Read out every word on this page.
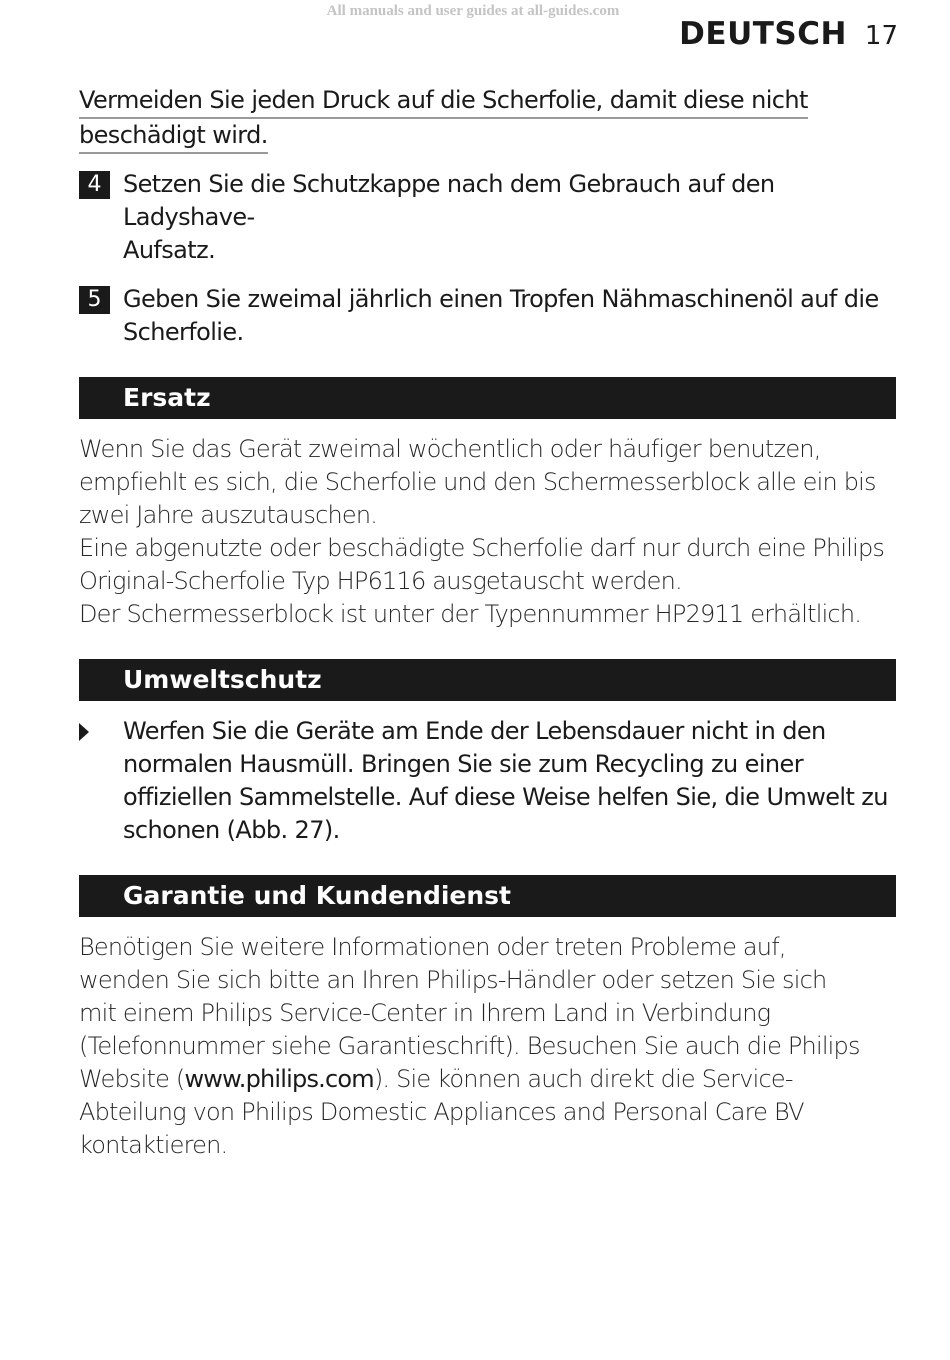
All manuals and user guides at all-guides.com
DEUTSCH 17
Vermeiden Sie jeden Druck auf die Scherfolie, damit diese nicht
beschädigt wird.
4 Setzen Sie die Schutzkappe nach dem Gebrauch auf den Ladyshave-
Aufsatz.
5 Geben Sie zweimal jährlich einen Tropfen Nähmaschinenöl auf die
Scherfolie.
Ersatz
Wenn Sie das Gerät zweimal wöchentlich oder häufiger benutzen,
empfiehlt es sich, die Scherfolie und den Schermesserblock alle ein bis
zwei Jahre auszutauschen.
Eine abgenutzte oder beschädigte Scherfolie darf nur durch eine Philips
Original-Scherfolie Typ HP6116 ausgetauscht werden.
Der Schermesserblock ist unter der Typennummer HP2911 erhältlich.
Umweltschutz
Werfen Sie die Geräte am Ende der Lebensdauer nicht in den
normalen Hausmüll. Bringen Sie sie zum Recycling zu einer
offiziellen Sammelstelle. Auf diese Weise helfen Sie, die Umwelt zu
schonen (Abb. 27).
Garantie und Kundendienst
Benötigen Sie weitere Informationen oder treten Probleme auf,
wenden Sie sich bitte an Ihren Philips-Händler oder setzen Sie sich
mit einem Philips Service-Center in Ihrem Land in Verbindung
(Telefonnummer siehe Garantieschrift). Besuchen Sie auch die Philips
Website (www.philips.com). Sie können auch direkt die Service-
Abteilung von Philips Domestic Appliances and Personal Care BV
kontaktieren.
